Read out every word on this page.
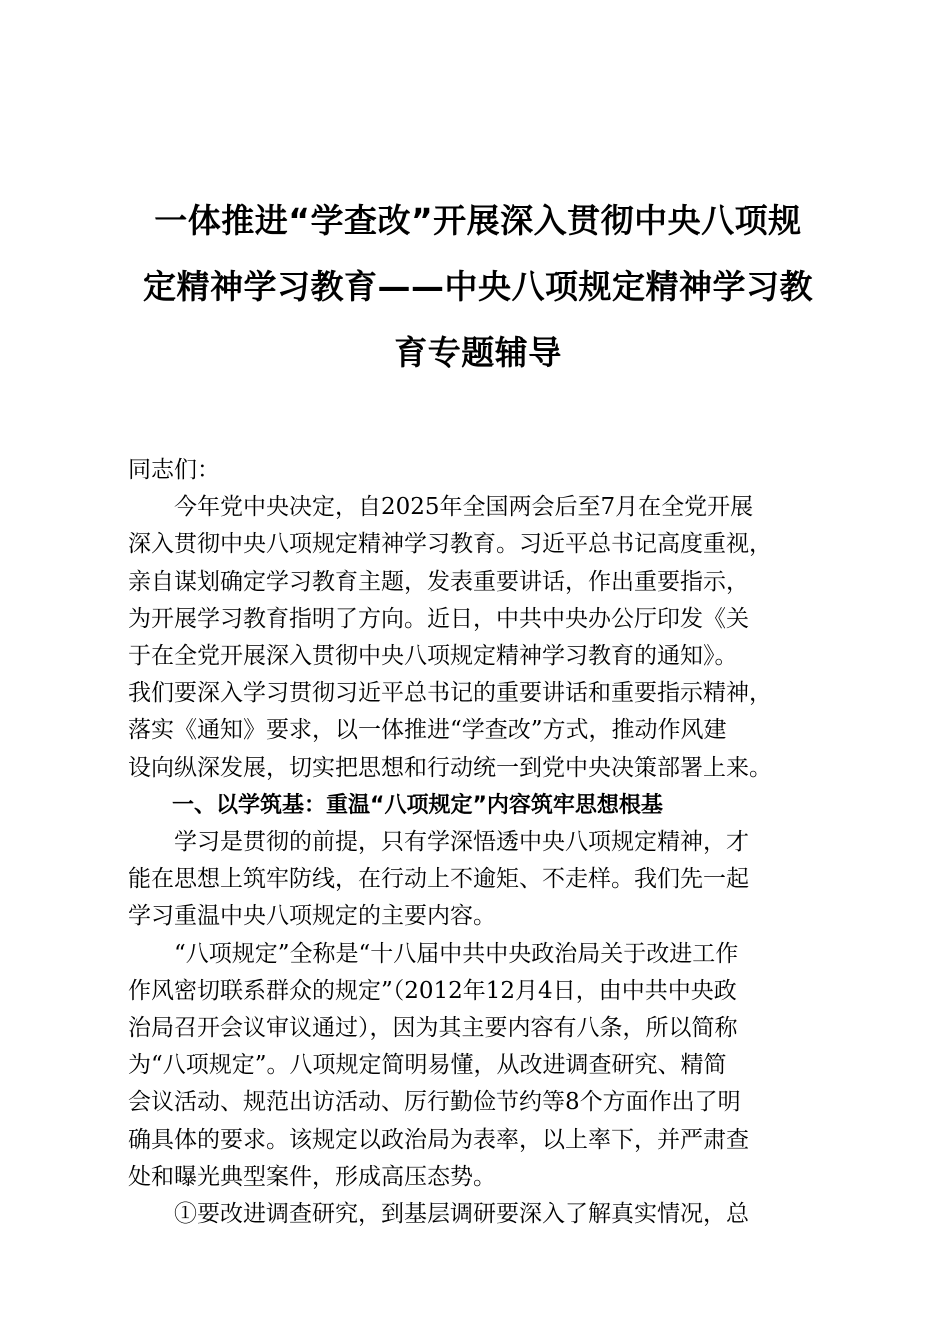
一体推进“学查改”开展深入贯彻中央八项规
定精神学习教育——中央八项规定精神学习教
育专题辅导

同志们：

　　今年党中央决定，自2025年全国两会后至7月在全党开展
深入贯彻中央八项规定精神学习教育。习近平总书记高度重视，
亲自谋划确定学习教育主题，发表重要讲话，作出重要指示，
为开展学习教育指明了方向。近日，中共中央办公厅印发《关
于在全党开展深入贯彻中央八项规定精神学习教育的通知》。
我们要深入学习贯彻习近平总书记的重要讲话和重要指示精神，
落实《通知》要求，以一体推进“学查改”方式，推动作风建
设向纵深发展，切实把思想和行动统一到党中央决策部署上来。

　　一、以学筑基：重温“八项规定”内容筑牢思想根基

　　学习是贯彻的前提，只有学深悟透中央八项规定精神，才
能在思想上筑牢防线，在行动上不逾矩、不走样。我们先一起
学习重温中央八项规定的主要内容。

　　“八项规定”全称是“十八届中共中央政治局关于改进工作
作风密切联系群众的规定”（2012年12月4日，由中共中央政
治局召开会议审议通过），因为其主要内容有八条，所以简称
为“八项规定”。八项规定简明易懂，从改进调查研究、精简
会议活动、规范出访活动、厉行勤俭节约等8个方面作出了明
确具体的要求。该规定以政治局为表率，以上率下，并严肃查
处和曝光典型案件，形成高压态势。

　　①要改进调查研究，到基层调研要深入了解真实情况，总
